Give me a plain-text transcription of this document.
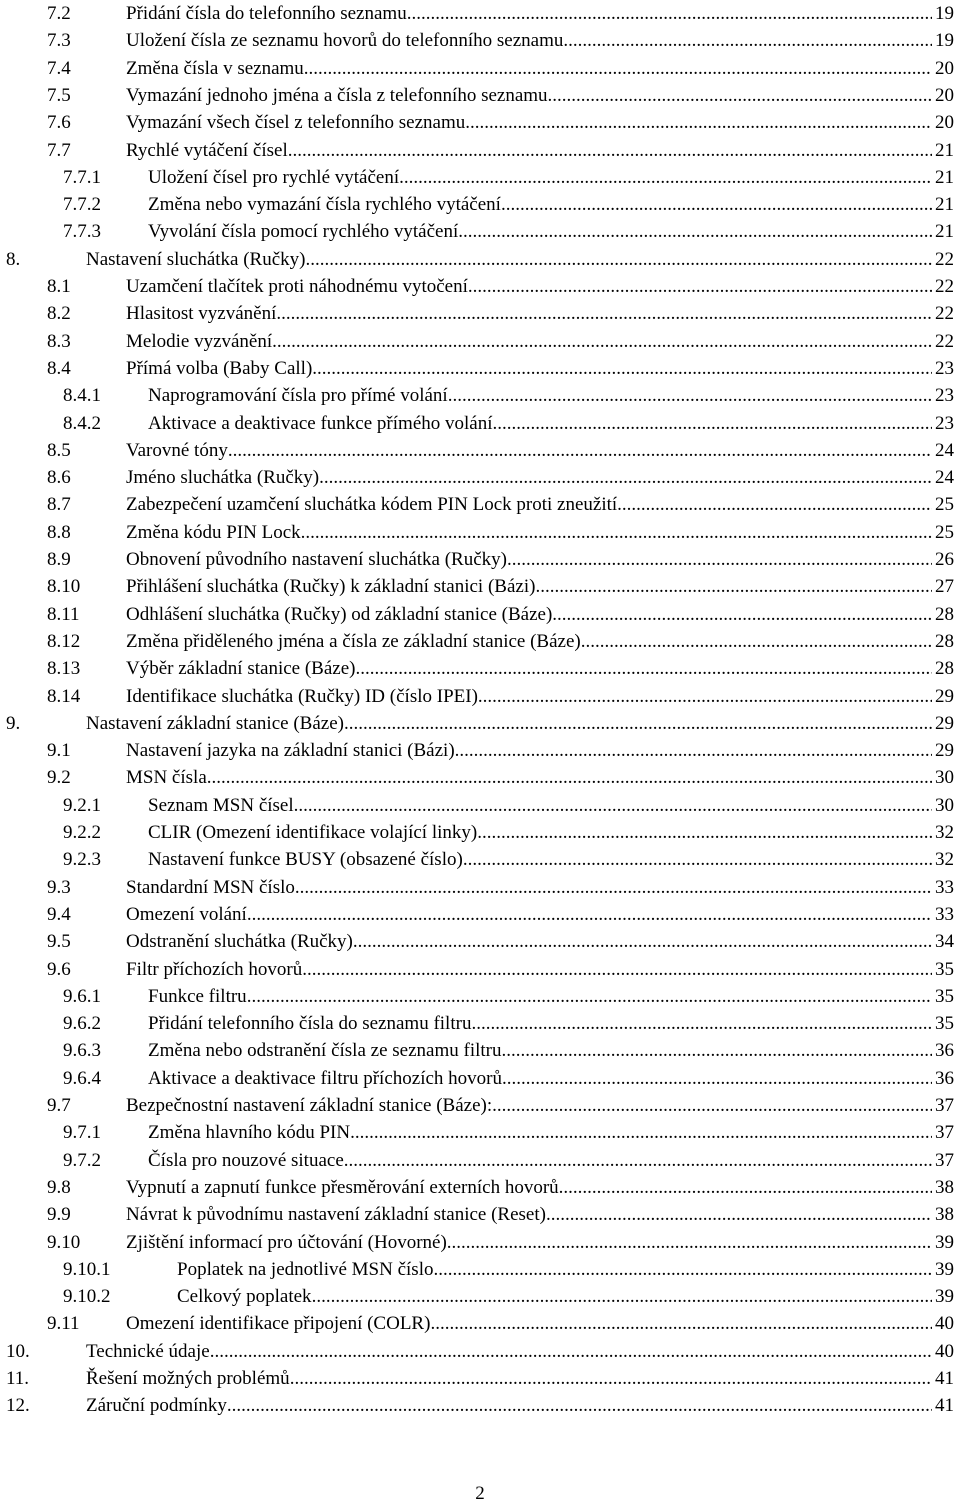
7.2	Přidání čísla do telefonního seznamu .....	19
7.3	Uložení čísla ze seznamu hovorů do telefonního seznamu .....	19
7.4	Změna čísla v seznamu .....	20
7.5	Vymazání jednoho jména a čísla z telefonního seznamu .....	20
7.6	Vymazání všech čísel z telefonního seznamu .....	20
7.7	Rychlé vytáčení čísel .....	21
7.7.1 Uložení čísel pro rychlé vytáčení .....	21
7.7.2 Změna nebo vymazání čísla rychlého vytáčení .....	21
7.7.3 Vyvolání čísla pomocí rychlého vytáčení .....	21
8.	Nastavení sluchátka (Ručky) .....	22
8.1	Uzamčení tlačítek proti náhodnému vytočení .....	22
8.2	Hlasitost vyzvánění .....	22
8.3	Melodie vyzvánění .....	22
8.4	Přímá volba (Baby Call) .....	23
8.4.1 Naprogramování čísla pro přímé volání .....	23
8.4.2 Aktivace a deaktivace funkce přímého volání .....	23
8.5	Varovné tóny .....	24
8.6	Jméno sluchátka (Ručky) .....	24
8.7	Zabezpečení uzamčení sluchátka kódem PIN Lock proti zneužití .....	25
8.8	Změna kódu PIN Lock .....	25
8.9	Obnovení původního nastavení sluchátka (Ručky) .....	26
8.10 Přihlášení sluchátka (Ručky) k základní stanici (Bázi) .....	27
8.11 Odhlášení sluchátka (Ručky) od základní stanice (Báze) .....	28
8.12 Změna přiděleného jména a čísla ze základní stanice (Báze) .....	28
8.13 Výběr základní stanice (Báze) .....	28
8.14 Identifikace sluchátka (Ručky) ID (číslo IPEI) .....	29
9.	Nastavení základní stanice (Báze) .....	29
9.1	Nastavení jazyka na základní stanici (Bázi) .....	29
9.2	MSN čísla .....	30
9.2.1 Seznam MSN čísel .....	30
9.2.2 CLIR (Omezení identifikace volající linky) .....	32
9.2.3 Nastavení funkce BUSY (obsazené číslo) .....	32
9.3	Standardní MSN číslo .....	33
9.4	Omezení volání .....	33
9.5	Odstranění sluchátka (Ručky) .....	34
9.6	Filtr příchozích hovorů .....	35
9.6.1 Funkce filtru .....	35
9.6.2 Přidání telefonního čísla do seznamu filtru .....	35
9.6.3 Změna nebo odstranění čísla ze seznamu filtru .....	36
9.6.4 Aktivace a deaktivace filtru příchozích hovorů .....	36
9.7	Bezpečnostní nastavení základní stanice (Báze): .....	37
9.7.1 Změna hlavního kódu PIN .....	37
9.7.2 Čísla pro nouzové situace .....	37
9.8	Vypnutí a zapnutí funkce přesměrování externích hovorů .....	38
9.9	Návrat k původnímu nastavení základní stanice (Reset) .....	38
9.10 Zjištění informací pro účtování (Hovorné) .....	39
9.10.1	Poplatek na jednotlivé MSN číslo .....	39
9.10.2	Celkový poplatek .....	39
9.11 Omezení identifikace připojení (COLR) .....	40
10.	Technické údaje .....	40
11.	Řešení možných problémů .....	41
12.	Záruční podmínky .....	41
2
